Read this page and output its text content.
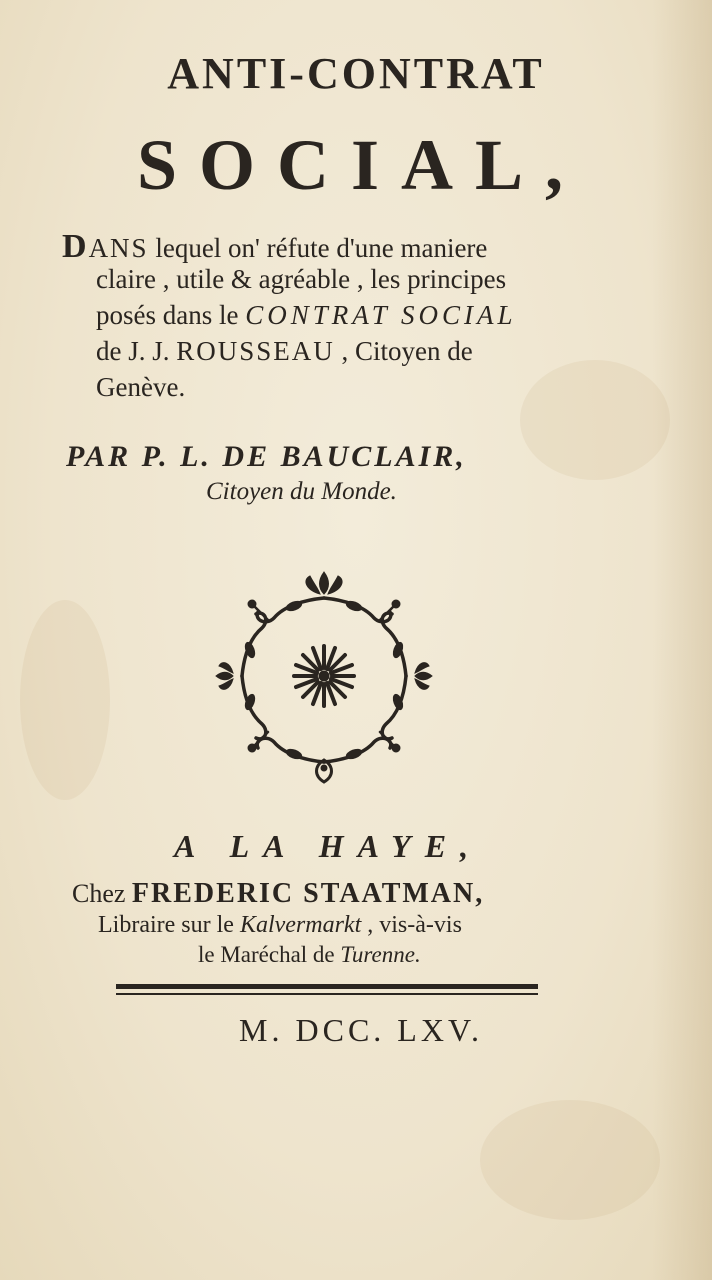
ANTI-CONTRAT
SOCIAL,
DANS lequel on' réfute d'une maniere
claire , utile & agréable , les principes
posés dans le CONTRAT SOCIAL
de J. J. ROUSSEAU , Citoyen de
Genève.
PAR P. L. DE BAUCLAIR,
Citoyen du Monde.
A LA HAYE,
Chez FREDERIC STAATMAN,
Libraire sur le Kalvermarkt , vis-à-vis
le Maréchal de Turenne.
M. DCC. LXV.
